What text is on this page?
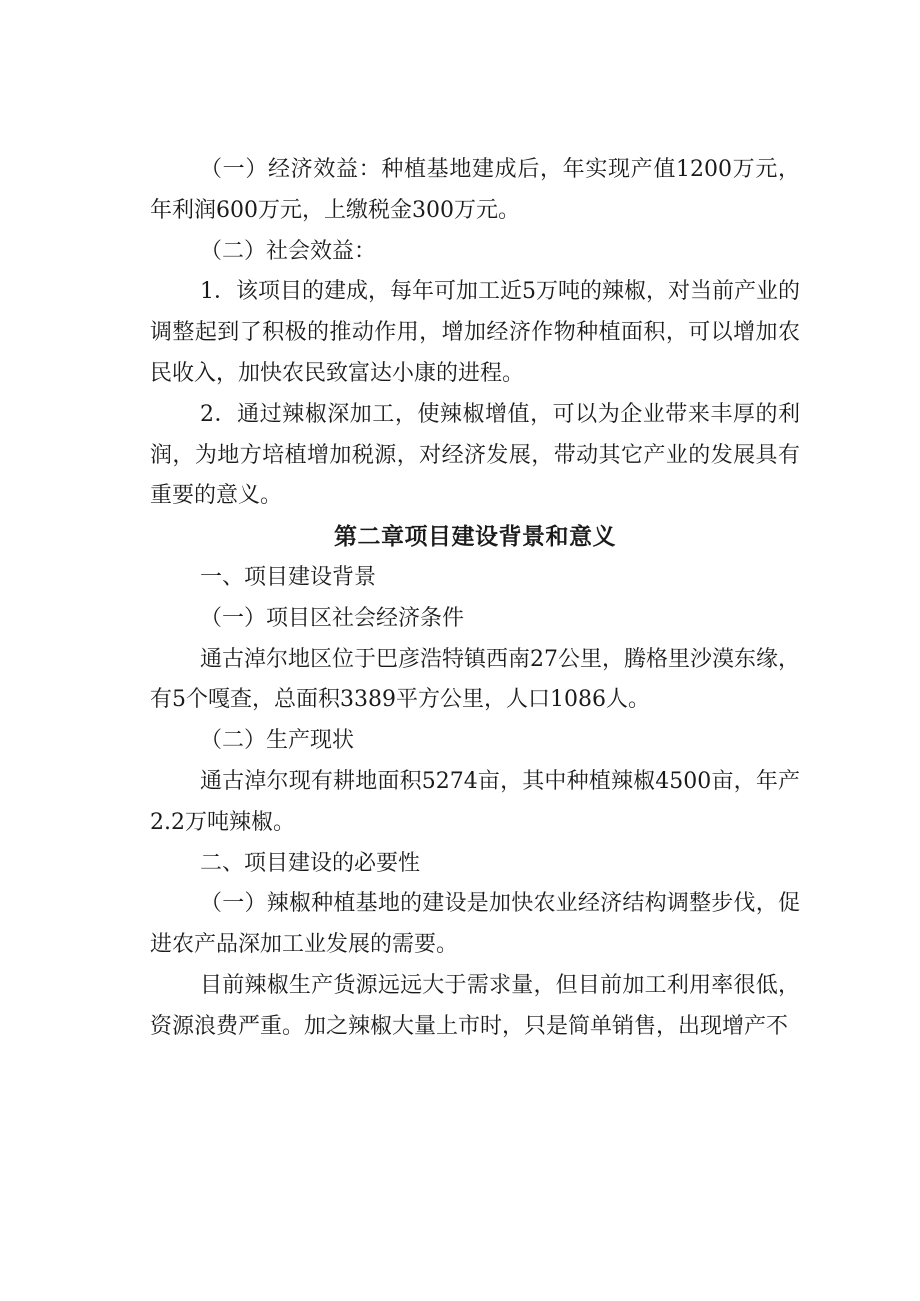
（一）经济效益：种植基地建成后，年实现产值1200万元，年利润600万元，上缴税金300万元。

（二）社会效益：

1．该项目的建成，每年可加工近5万吨的辣椒，对当前产业的调整起到了积极的推动作用，增加经济作物种植面积，可以增加农民收入，加快农民致富达小康的进程。

2．通过辣椒深加工，使辣椒增值，可以为企业带来丰厚的利润，为地方培植增加税源，对经济发展，带动其它产业的发展具有重要的意义。

第二章项目建设背景和意义

一、项目建设背景

（一）项目区社会经济条件

通古淖尔地区位于巴彦浩特镇西南27公里，腾格里沙漠东缘，有5个嘎查，总面积3389平方公里，人口1086人。

（二）生产现状

通古淖尔现有耕地面积5274亩，其中种植辣椒4500亩，年产2.2万吨辣椒。

二、项目建设的必要性

（一）辣椒种植基地的建设是加快农业经济结构调整步伐，促进农产品深加工业发展的需要。

目前辣椒生产货源远远大于需求量，但目前加工利用率很低，资源浪费严重。加之辣椒大量上市时，只是简单销售，出现增产不
